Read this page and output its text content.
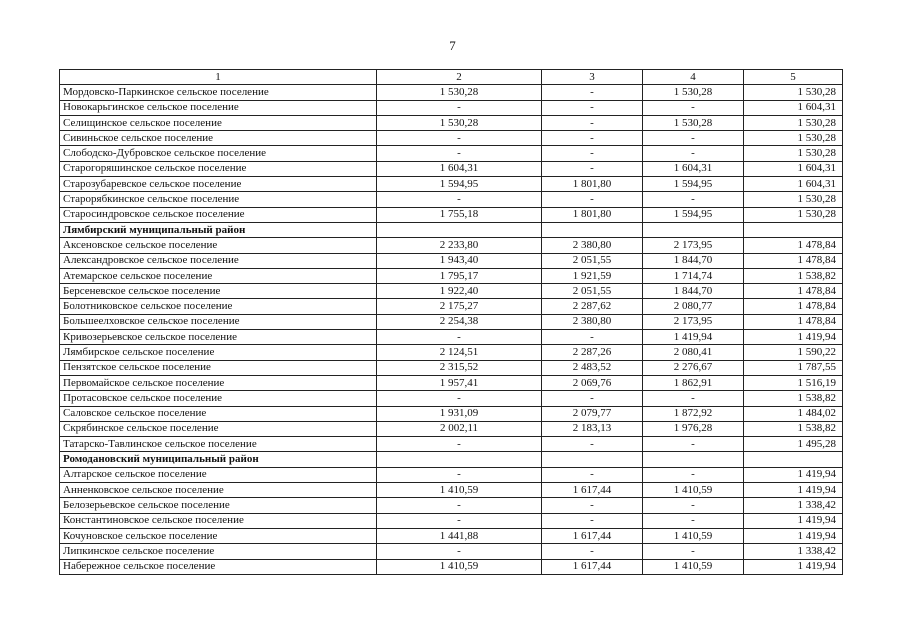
7
1	2	3	4	5
Мордовско-Паркинское сельское поселение	1 530,28	-	1 530,28	1 530,28
Новокарьгинское сельское поселение	-	-	-	1 604,31
Селищинское сельское поселение	1 530,28	-	1 530,28	1 530,28
Сивиньское сельское поселение	-	-	-	1 530,28
Слободско-Дубровское сельское поселение	-	-	-	1 530,28
Старогоряшинское сельское поселение	1 604,31	-	1 604,31	1 604,31
Старозубаревское сельское поселение	1 594,95	1 801,80	1 594,95	1 604,31
Старорябкинское сельское поселение	-	-	-	1 530,28
Старосиндровское сельское поселение	1 755,18	1 801,80	1 594,95	1 530,28
Лямбирский муниципальный район				
Аксеновское сельское поселение	2 233,80	2 380,80	2 173,95	1 478,84
Александровское сельское поселение	1 943,40	2 051,55	1 844,70	1 478,84
Атемарское сельское поселение	1 795,17	1 921,59	1 714,74	1 538,82
Берсеневское сельское поселение	1 922,40	2 051,55	1 844,70	1 478,84
Болотниковское сельское поселение	2 175,27	2 287,62	2 080,77	1 478,84
Большеелховское сельское поселение	2 254,38	2 380,80	2 173,95	1 478,84
Кривозерьевское сельское поселение	-	-	1 419,94	1 419,94
Лямбирское сельское поселение	2 124,51	2 287,26	2 080,41	1 590,22
Пензятское сельское поселение	2 315,52	2 483,52	2 276,67	1 787,55
Первомайское сельское поселение	1 957,41	2 069,76	1 862,91	1 516,19
Протасовское сельское поселение	-	-	-	1 538,82
Саловское сельское поселение	1 931,09	2 079,77	1 872,92	1 484,02
Скрябинское сельское поселение	2 002,11	2 183,13	1 976,28	1 538,82
Татарско-Тавлинское сельское поселение	-	-	-	1 495,28
Ромодановский муниципальный район				
Алтарское сельское поселение	-	-	-	1 419,94
Анненковское сельское поселение	1 410,59	1 617,44	1 410,59	1 419,94
Белозерьевское сельское поселение	-	-	-	1 338,42
Константиновское сельское поселение	-	-	-	1 419,94
Кочуновское сельское поселение	1 441,88	1 617,44	1 410,59	1 419,94
Липкинское сельское поселение	-	-	-	1 338,42
Набережное сельское поселение	1 410,59	1 617,44	1 410,59	1 419,94
